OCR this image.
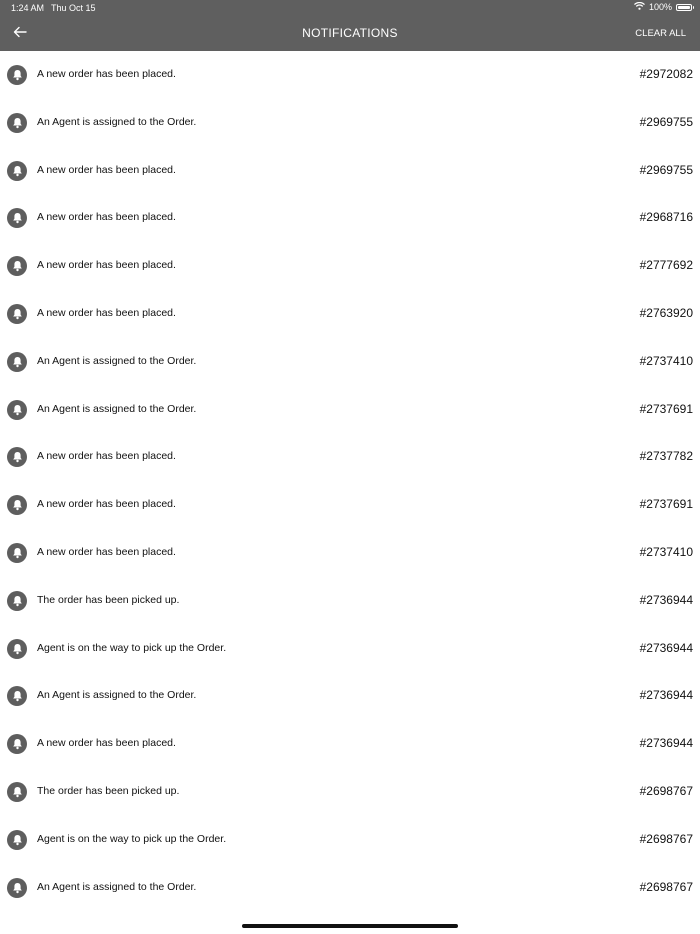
1:24 AM Thu Oct 15	100%
NOTIFICATIONS	CLEAR ALL
A new order has been placed.	#2972082
An Agent is assigned to the Order.	#2969755
A new order has been placed.	#2969755
A new order has been placed.	#2968716
A new order has been placed.	#2777692
A new order has been placed.	#2763920
An Agent is assigned to the Order.	#2737410
An Agent is assigned to the Order.	#2737691
A new order has been placed.	#2737782
A new order has been placed.	#2737691
A new order has been placed.	#2737410
The order has been picked up.	#2736944
Agent is on the way to pick up the Order.	#2736944
An Agent is assigned to the Order.	#2736944
A new order has been placed.	#2736944
The order has been picked up.	#2698767
Agent is on the way to pick up the Order.	#2698767
An Agent is assigned to the Order.	#2698767
